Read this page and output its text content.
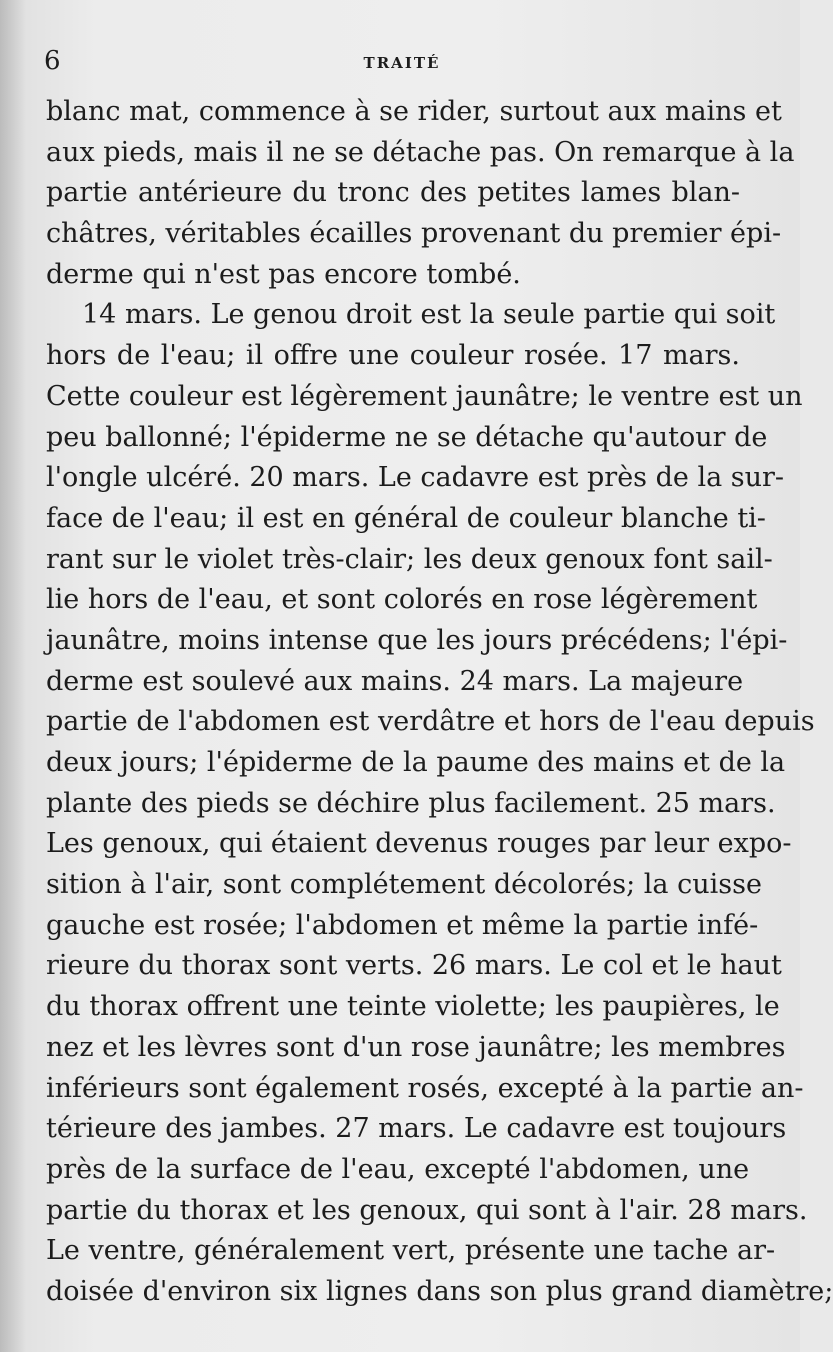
6	TRAITÉ
blanc mat, commence à se rider, surtout aux mains et
aux pieds, mais il ne se détache pas. On remarque à la
partie antérieure du tronc des petites lames blan-
châtres, véritables écailles provenant du premier épi-
derme qui n'est pas encore tombé.
14 mars. Le genou droit est la seule partie qui soit
hors de l'eau; il offre une couleur rosée. 17 mars.
Cette couleur est légèrement jaunâtre; le ventre est un
peu ballonné; l'épiderme ne se détache qu'autour de
l'ongle ulcéré. 20 mars. Le cadavre est près de la sur-
face de l'eau; il est en général de couleur blanche ti-
rant sur le violet très-clair; les deux genoux font sail-
lie hors de l'eau, et sont colorés en rose légèrement
jaunâtre, moins intense que les jours précédens; l'épi-
derme est soulevé aux mains. 24 mars. La majeure
partie de l'abdomen est verdâtre et hors de l'eau depuis
deux jours; l'épiderme de la paume des mains et de la
plante des pieds se déchire plus facilement. 25 mars.
Les genoux, qui étaient devenus rouges par leur expo-
sition à l'air, sont complétement décolorés; la cuisse
gauche est rosée; l'abdomen et même la partie infé-
rieure du thorax sont verts. 26 mars. Le col et le haut
du thorax offrent une teinte violette; les paupières, le
nez et les lèvres sont d'un rose jaunâtre; les membres
inférieurs sont également rosés, excepté à la partie an-
térieure des jambes. 27 mars. Le cadavre est toujours
près de la surface de l'eau, excepté l'abdomen, une
partie du thorax et les genoux, qui sont à l'air. 28 mars.
Le ventre, généralement vert, présente une tache ar-
doisée d'environ six lignes dans son plus grand diamètre;
